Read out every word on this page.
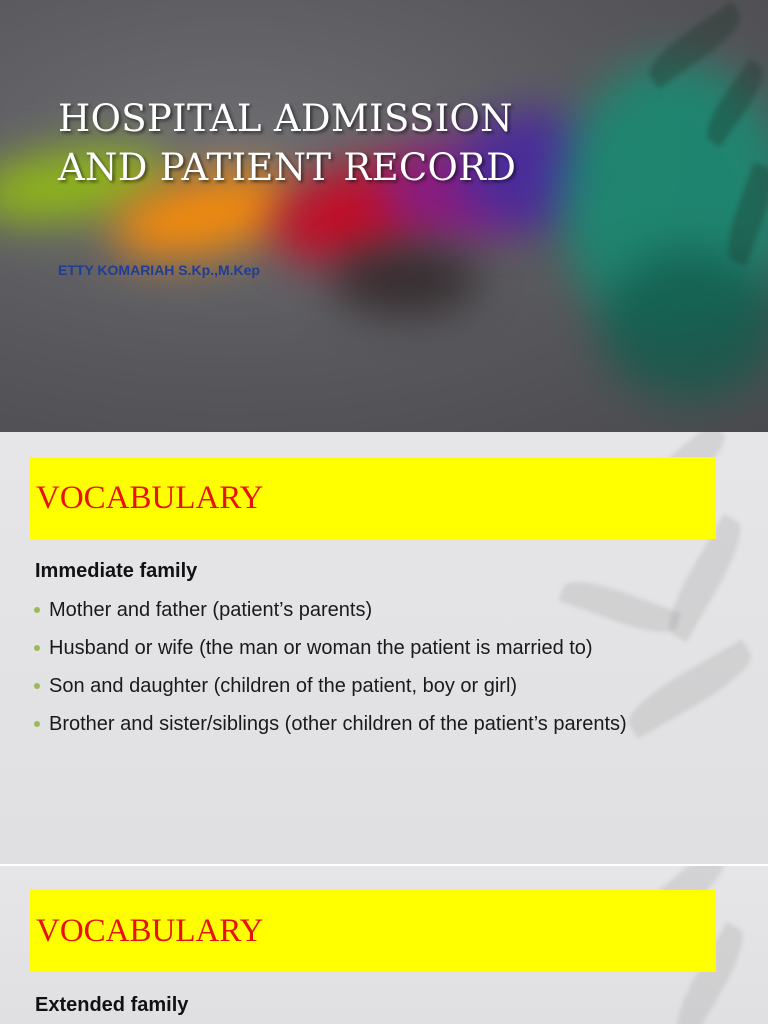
HOSPITAL ADMISSION
AND PATIENT RECORD

ETTY KOMARIAH S.Kp.,M.Kep

VOCABULARY

Immediate family

Mother and father (patient’s parents)
Husband or wife (the man or woman the patient is married to)
Son and daughter (children of the patient, boy or girl)
Brother and sister/siblings (other children of the patient’s parents)
VOCABULARY

Extended family
